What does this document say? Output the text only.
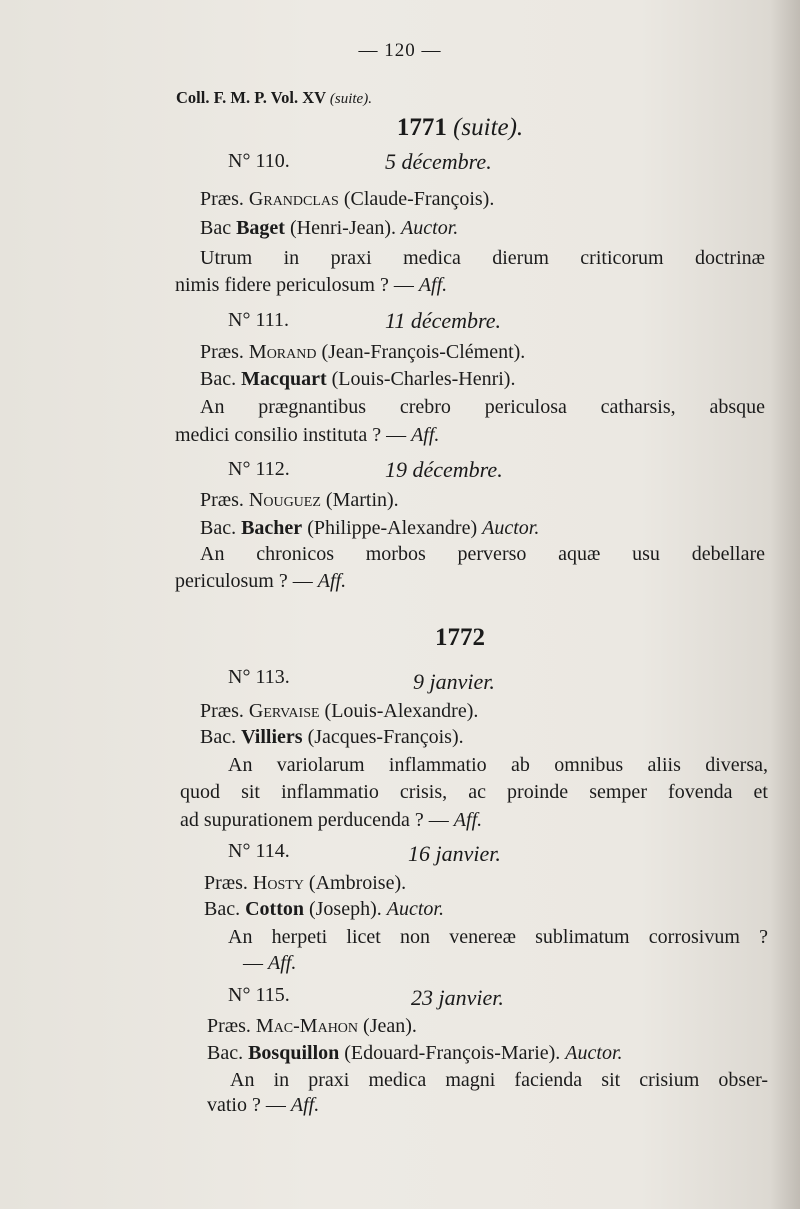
— 120 —
Coll. F. M. P. Vol. XV (suite).
1771 (suite).
N° 110.	5 décembre.
Præs. Grandclas (Claude-François).
Bac Baget (Henri-Jean). Auctor.
Utrum in praxi medica dierum criticorum doctrinæ
nimis fidere periculosum ? — Aff.
N° 111.	11 décembre.
Præs. Morand (Jean-François-Clément).
Bac. Macquart (Louis-Charles-Henri).
An prægnantibus crebro periculosa catharsis, absque
medici consilio instituta ? — Aff.
N° 112.	19 décembre.
Præs. Nouguez (Martin).
Bac. Bacher (Philippe-Alexandre) Auctor.
An chronicos morbos perverso aquæ usu debellare
periculosum ? — Aff.
1772
N° 113.	9 janvier.
Præs. Gervaise (Louis-Alexandre).
Bac. Villiers (Jacques-François).
An variolarum inflammatio ab omnibus aliis diversa,
quod sit inflammatio crisis, ac proinde semper fovenda et
ad supurationem perducenda ? — Aff.
N° 114.	16 janvier.
Præs. Hosty (Ambroise).
Bac. Cotton (Joseph). Auctor.
An herpeti licet non venereæ sublimatum corrosivum ?
— Aff.
N° 115.	23 janvier.
Præs. Mac-Mahon (Jean).
Bac. Bosquillon (Edouard-François-Marie). Auctor.
An in praxi medica magni facienda sit crisium obser-
vatio ? — Aff.
